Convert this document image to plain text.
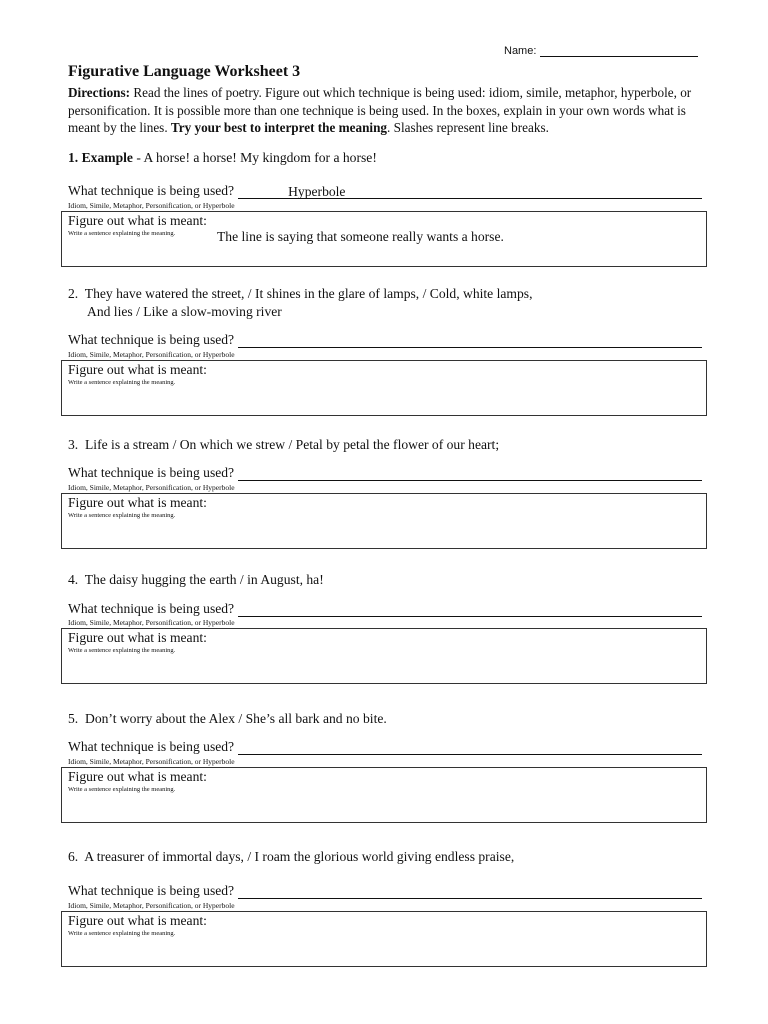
Name:
Figurative Language Worksheet 3

Directions: Read the lines of poetry. Figure out which technique is being used: idiom, simile, metaphor, hyperbole, or personification. It is possible more than one technique is being used. In the boxes, explain in your own words what is meant by the lines. Try your best to interpret the meaning. Slashes represent line breaks.

1. Example - A horse! a horse! My kingdom for a horse!
What technique is being used?	Hyperbole
Idiom, Simile, Metaphor, Personification, or Hyperbole
Figure out what is meant:
Write a sentence explaining the meaning.	The line is saying that someone really wants a horse.
2. They have watered the street, / It shines in the glare of lamps, / Cold, white lamps,
And lies / Like a slow-moving river
What technique is being used?
Idiom, Simile, Metaphor, Personification, or Hyperbole
Figure out what is meant:
Write a sentence explaining the meaning.
3. Life is a stream / On which we strew / Petal by petal the flower of our heart;
What technique is being used?
Idiom, Simile, Metaphor, Personification, or Hyperbole
Figure out what is meant:
Write a sentence explaining the meaning.
4. The daisy hugging the earth / in August, ha!
What technique is being used?
Idiom, Simile, Metaphor, Personification, or Hyperbole
Figure out what is meant:
Write a sentence explaining the meaning.
5. Don’t worry about the Alex / She’s all bark and no bite.
What technique is being used?
Idiom, Simile, Metaphor, Personification, or Hyperbole
Figure out what is meant:
Write a sentence explaining the meaning.
6. A treasurer of immortal days, / I roam the glorious world giving endless praise,
What technique is being used?
Idiom, Simile, Metaphor, Personification, or Hyperbole
Figure out what is meant:
Write a sentence explaining the meaning.
